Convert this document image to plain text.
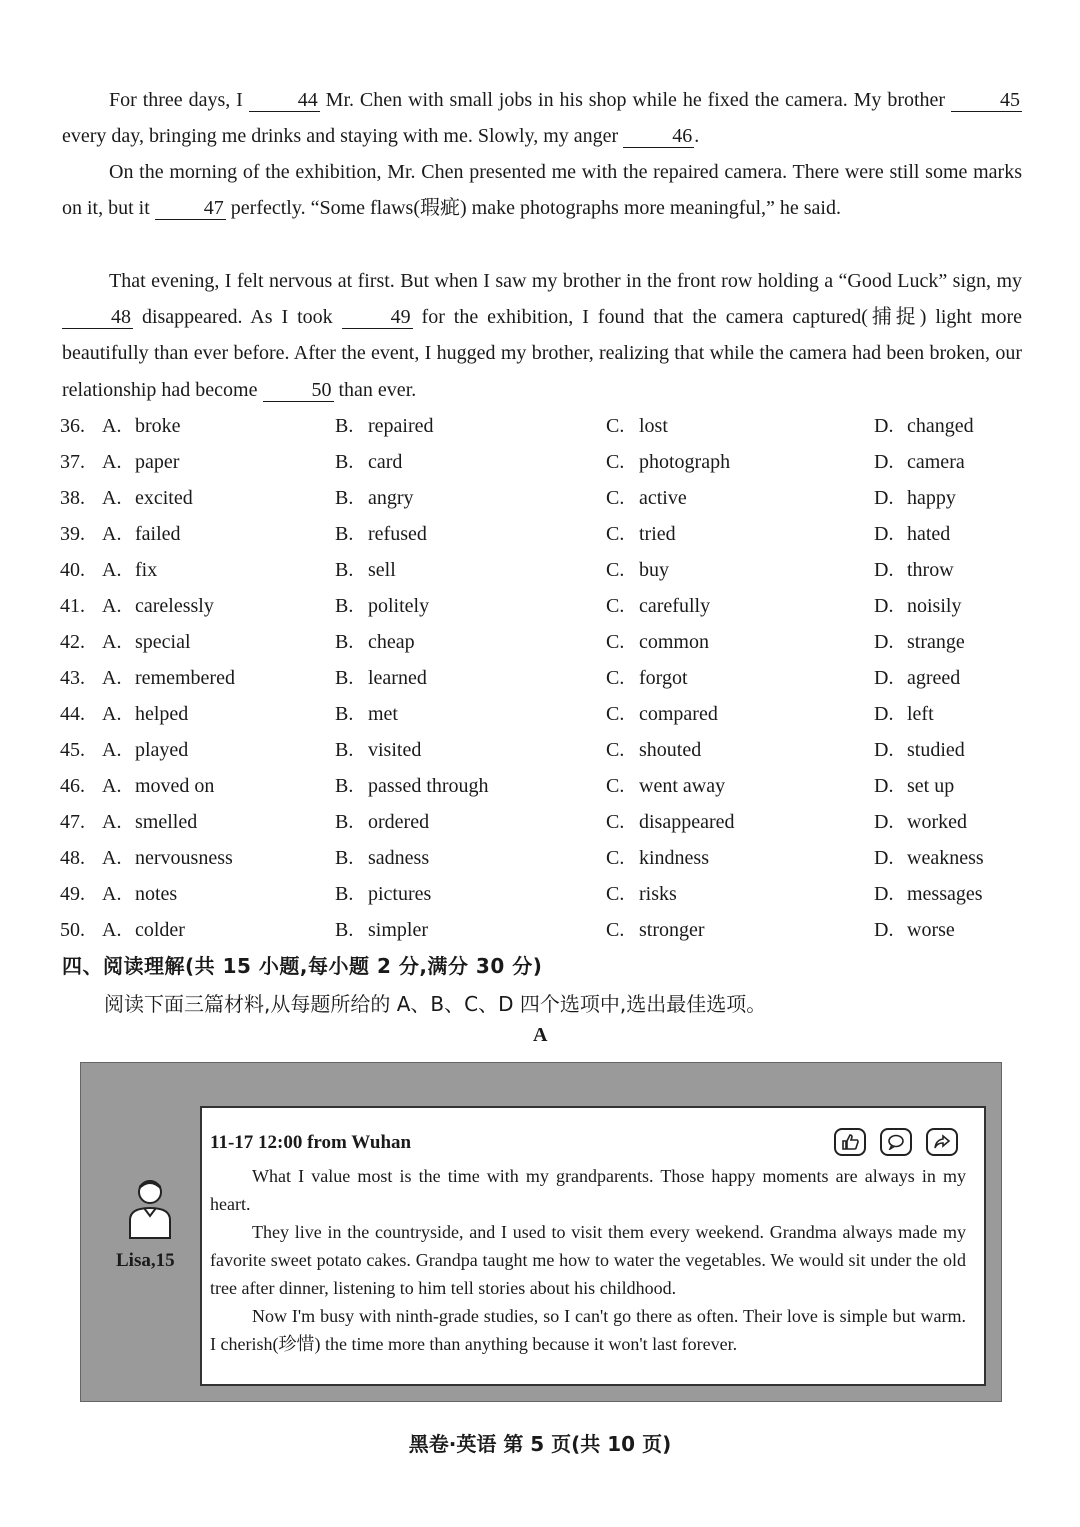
For three days, I	44 Mr. Chen with small jobs in his shop while he fixed the camera. My brother	45 every day, bringing me drinks and staying with me. Slowly, my anger	46 .
On the morning of the exhibition, Mr. Chen presented me with the repaired camera. There were still some marks on it, but it	47 perfectly. “Some flaws(瑕疵) make photographs more meaningful,” he said.
That evening, I felt nervous at first. But when I saw my brother in the front row holding a “Good Luck” sign, my 48 disappeared. As I took	49 for the exhibition, I found that the camera captured(捕捉) light more beautifully than ever before. After the event, I hugged my brother, realizing that while the camera had been broken, our relationship had become	50 than ever.
36. A. broke	B. repaired	C. lost	D. changed
37. A. paper	B. card	C. photograph	D. camera
38. A. excited	B. angry	C. active	D. happy
39. A. failed	B. refused	C. tried	D. hated
40. A. fix	B. sell	C. buy	D. throw
41. A. carelessly	B. politely	C. carefully	D. noisily
42. A. special	B. cheap	C. common	D. strange
43. A. remembered	B. learned	C. forgot	D. agreed
44. A. helped	B. met	C. compared	D. left
45. A. played	B. visited	C. shouted	D. studied
46. A. moved on	B. passed through	C. went away	D. set up
47. A. smelled	B. ordered	C. disappeared	D. worked
48. A. nervousness	B. sadness	C. kindness	D. weakness
49. A. notes	B. pictures	C. risks	D. messages
50. A. colder	B. simpler	C. stronger	D. worse
四、阅读理解(共 15 小题,每小题 2 分,满分 30 分)
阅读下面三篇材料,从每题所给的 A、B、C、D 四个选项中,选出最佳选项。
A
Lisa,15
11-17 12:00 from Wuhan

What I value most is the time with my grandparents. Those happy moments are always in my heart.

They live in the countryside, and I used to visit them every weekend. Grandma always made my favorite sweet potato cakes. Grandpa taught me how to water the vegetables. We would sit under the old tree after dinner, listening to him tell stories about his childhood.

Now I'm busy with ninth-grade studies, so I can't go there as often. Their love is simple but warm. I cherish(珍惜) the time more than anything because it won't last forever.

黑卷·英语 第 5 页(共 10 页)
